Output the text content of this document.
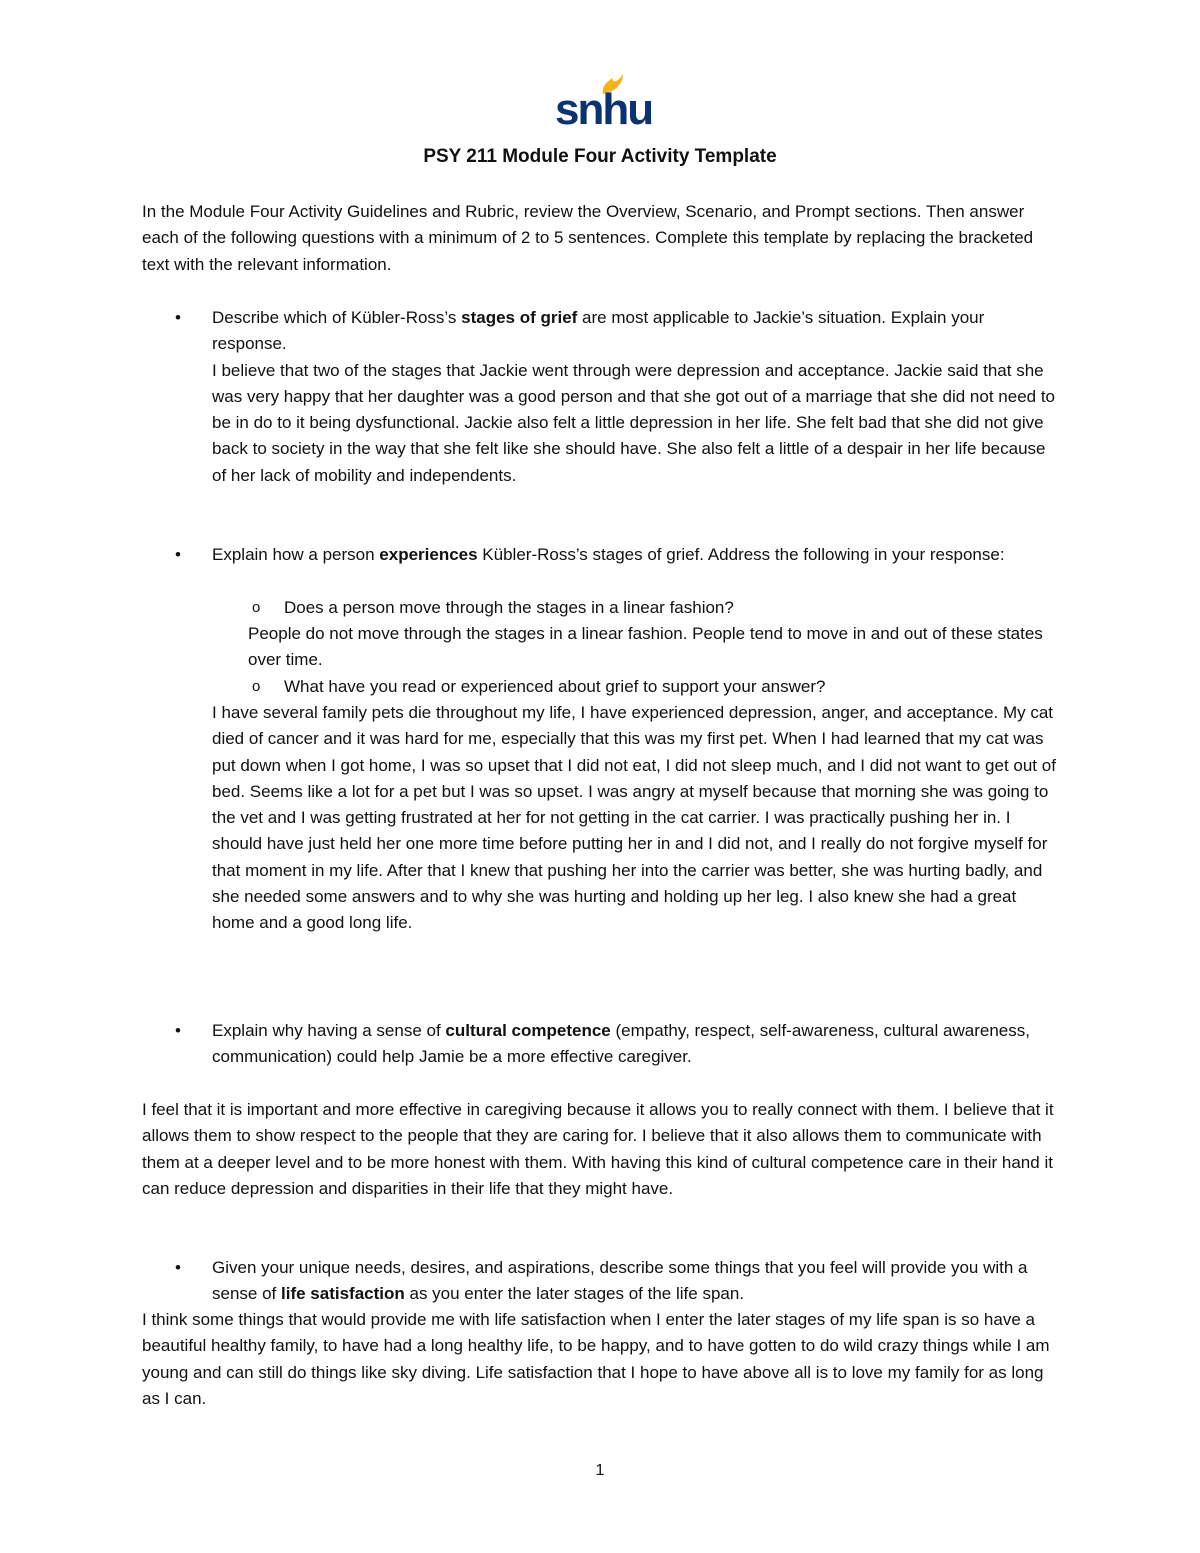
snhu
PSY 211 Module Four Activity Template

In the Module Four Activity Guidelines and Rubric, review the Overview, Scenario, and Prompt sections. Then answer each of the following questions with a minimum of 2 to 5 sentences. Complete this template by replacing the bracketed text with the relevant information.

• Describe which of Kübler-Ross’s stages of grief are most applicable to Jackie’s situation. Explain your response.

I believe that two of the stages that Jackie went through were depression and acceptance. Jackie said that she was very happy that her daughter was a good person and that she got out of a marriage that she did not need to be in do to it being dysfunctional. Jackie also felt a little depression in her life. She felt bad that she did not give back to society in the way that she felt like she should have. She also felt a little of a despair in her life because of her lack of mobility and independents.

• Explain how a person experiences Kübler-Ross’s stages of grief. Address the following in your response:

o Does a person move through the stages in a linear fashion?

People do not move through the stages in a linear fashion. People tend to move in and out of these states over time.

o What have you read or experienced about grief to support your answer?

I have several family pets die throughout my life, I have experienced depression, anger, and acceptance. My cat died of cancer and it was hard for me, especially that this was my first pet. When I had learned that my cat was put down when I got home, I was so upset that I did not eat, I did not sleep much, and I did not want to get out of bed. Seems like a lot for a pet but I was so upset. I was angry at myself because that morning she was going to the vet and I was getting frustrated at her for not getting in the cat carrier. I was practically pushing her in. I should have just held her one more time before putting her in and I did not, and I really do not forgive myself for that moment in my life. After that I knew that pushing her into the carrier was better, she was hurting badly, and she needed some answers and to why she was hurting and holding up her leg. I also knew she had a great home and a good long life.

• Explain why having a sense of cultural competence (empathy, respect, self-awareness, cultural awareness, communication) could help Jamie be a more effective caregiver.

I feel that it is important and more effective in caregiving because it allows you to really connect with them. I believe that it allows them to show respect to the people that they are caring for. I believe that it also allows them to communicate with them at a deeper level and to be more honest with them. With having this kind of cultural competence care in their hand it can reduce depression and disparities in their life that they might have.

• Given your unique needs, desires, and aspirations, describe some things that you feel will provide you with a sense of life satisfaction as you enter the later stages of the life span.

I think some things that would provide me with life satisfaction when I enter the later stages of my life span is so have a beautiful healthy family, to have had a long healthy life, to be happy, and to have gotten to do wild crazy things while I am young and can still do things like sky diving. Life satisfaction that I hope to have above all is to love my family for as long as I can.

1
